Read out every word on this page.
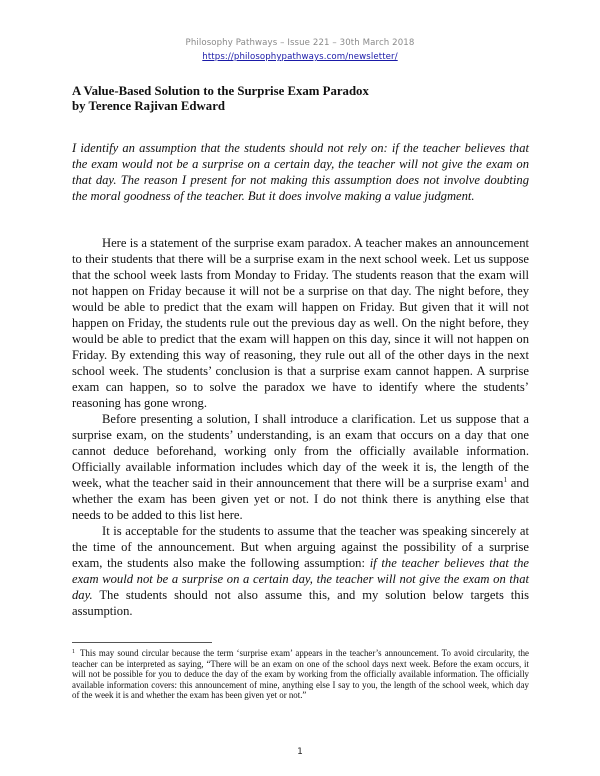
Philosophy Pathways – Issue 221 – 30th March 2018
https://philosophypathways.com/newsletter/
A Value-Based Solution to the Surprise Exam Paradox
by Terence Rajivan Edward

I identify an assumption that the students should not rely on: if the teacher believes that the exam would not be a surprise on a certain day, the teacher will not give the exam on that day. The reason I present for not making this assumption does not involve doubting the moral goodness of the teacher. But it does involve making a value judgment.

Here is a statement of the surprise exam paradox. A teacher makes an announcement to their students that there will be a surprise exam in the next school week. Let us suppose that the school week lasts from Monday to Friday. The students reason that the exam will not happen on Friday because it will not be a surprise on that day. The night before, they would be able to predict that the exam will happen on Friday. But given that it will not happen on Friday, the students rule out the previous day as well. On the night before, they would be able to predict that the exam will happen on this day, since it will not happen on Friday. By extending this way of reasoning, they rule out all of the other days in the next school week. The students’ conclusion is that a surprise exam cannot happen. A surprise exam can happen, so to solve the paradox we have to identify where the students’ reasoning has gone wrong.

Before presenting a solution, I shall introduce a clarification. Let us suppose that a surprise exam, on the students’ understanding, is an exam that occurs on a day that one cannot deduce beforehand, working only from the officially available information. Officially available information includes which day of the week it is, the length of the week, what the teacher said in their announcement that there will be a surprise exam$^1$ and whether the exam has been given yet or not. I do not think there is anything else that needs to be added to this list here.

It is acceptable for the students to assume that the teacher was speaking sincerely at the time of the announcement. But when arguing against the possibility of a surprise exam, the students also make the following assumption: if the teacher believes that the exam would not be a surprise on a certain day, the teacher will not give the exam on that day. The students should not also assume this, and my solution below targets this assumption.

$^1$ This may sound circular because the term ‘surprise exam’ appears in the teacher’s announcement. To avoid circularity, the teacher can be interpreted as saying, “There will be an exam on one of the school days next week. Before the exam occurs, it will not be possible for you to deduce the day of the exam by working from the officially available information. The officially available information covers: this announcement of mine, anything else I say to you, the length of the school week, which day of the week it is and whether the exam has been given yet or not.”

1
